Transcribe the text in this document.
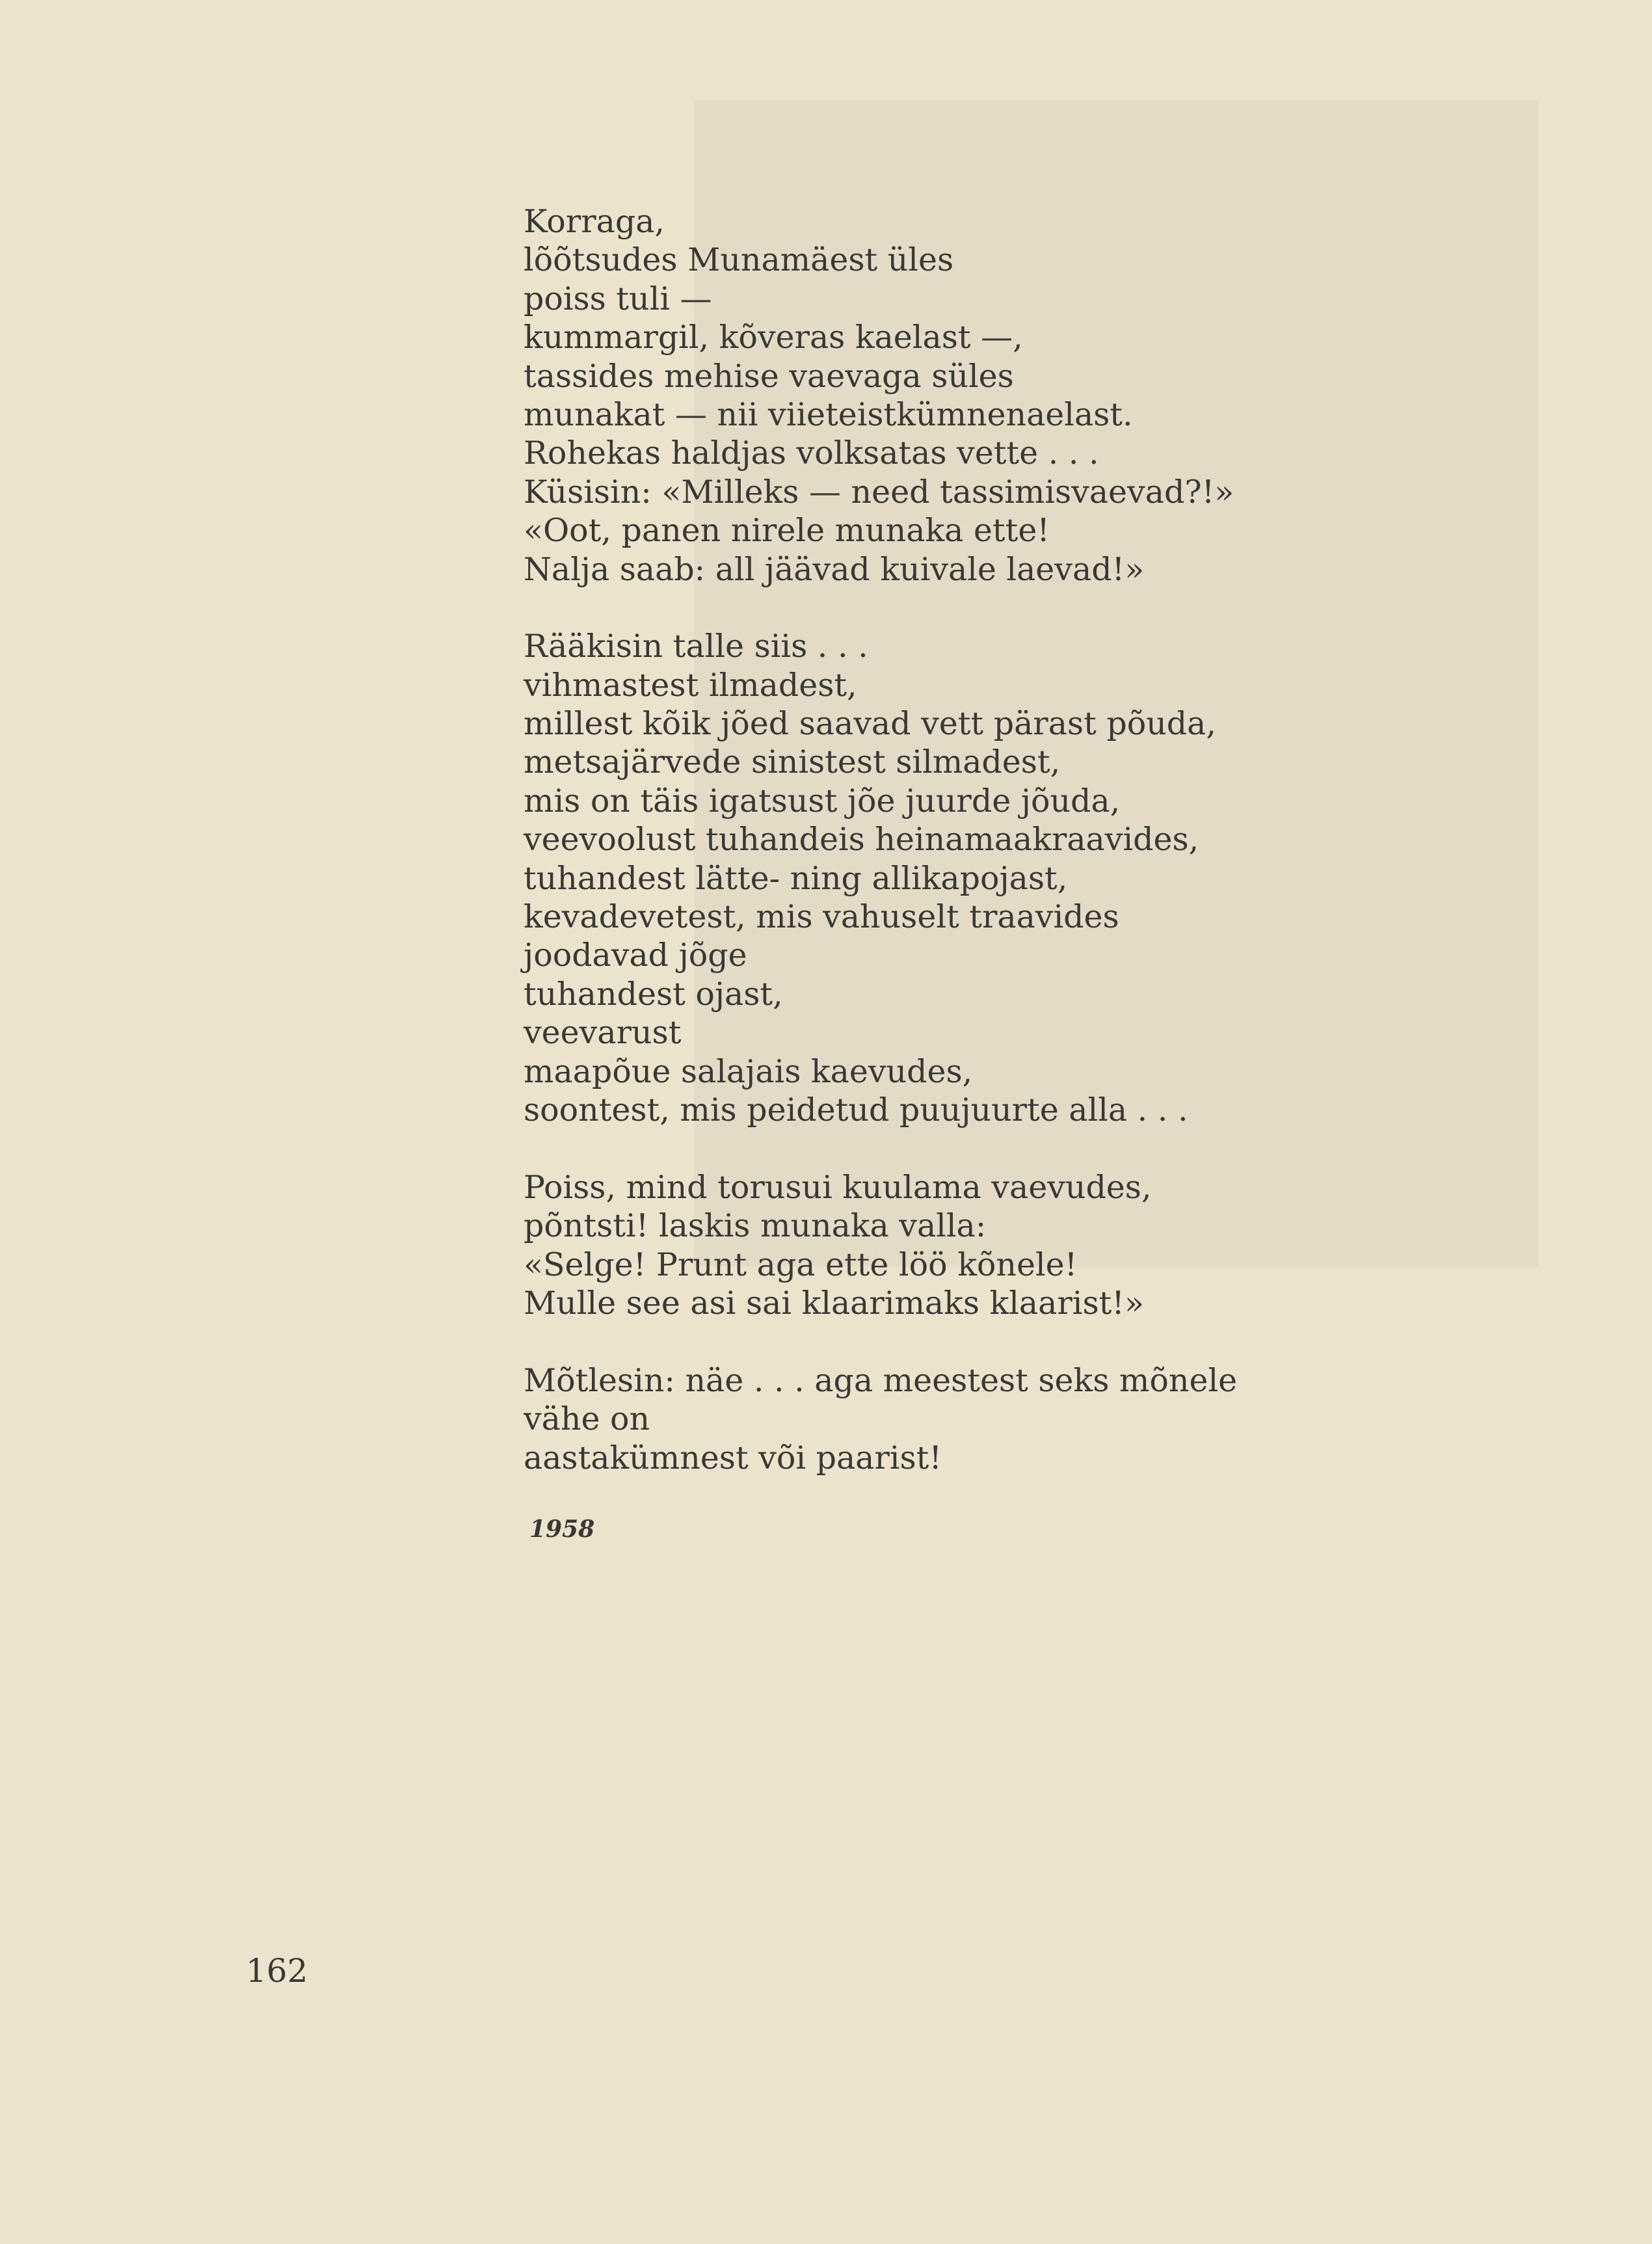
Korraga,
lõõtsudes Munamäest üles
poiss tuli —
kummargil, kõveras kaelast —,
tassides mehise vaevaga süles
munakat — nii viieteistkümnenaelast.
Rohekas haldjas volksatas vette . . .
Küsisin: «Milleks — need tassimisvaevad?!»
«Oot, panen nirele munaka ette!
Nalja saab: all jäävad kuivale laevad!»
Rääkisin talle siis . . .
vihmastest ilmadest,
millest kõik jõed saavad vett pärast põuda,
metsajärvede sinistest silmadest,
mis on täis igatsust jõe juurde jõuda,
veevoolust tuhandeis heinamaakraavides,
tuhandest lätte- ning allikapojast,
kevadevetest, mis vahuselt traavides
joodavad jõge
tuhandest ojast,
veevarust
maapõue salajais kaevudes,
soontest, mis peidetud puujuurte alla . . .
Poiss, mind torusui kuulama vaevudes,
põntsti! laskis munaka valla:
«Selge! Prunt aga ette löö kõnele!
Mulle see asi sai klaarimaks klaarist!»
Mõtlesin: näe . . . aga meestest seks mõnele
vähe on
aastakümnest või paarist!
1958
162
